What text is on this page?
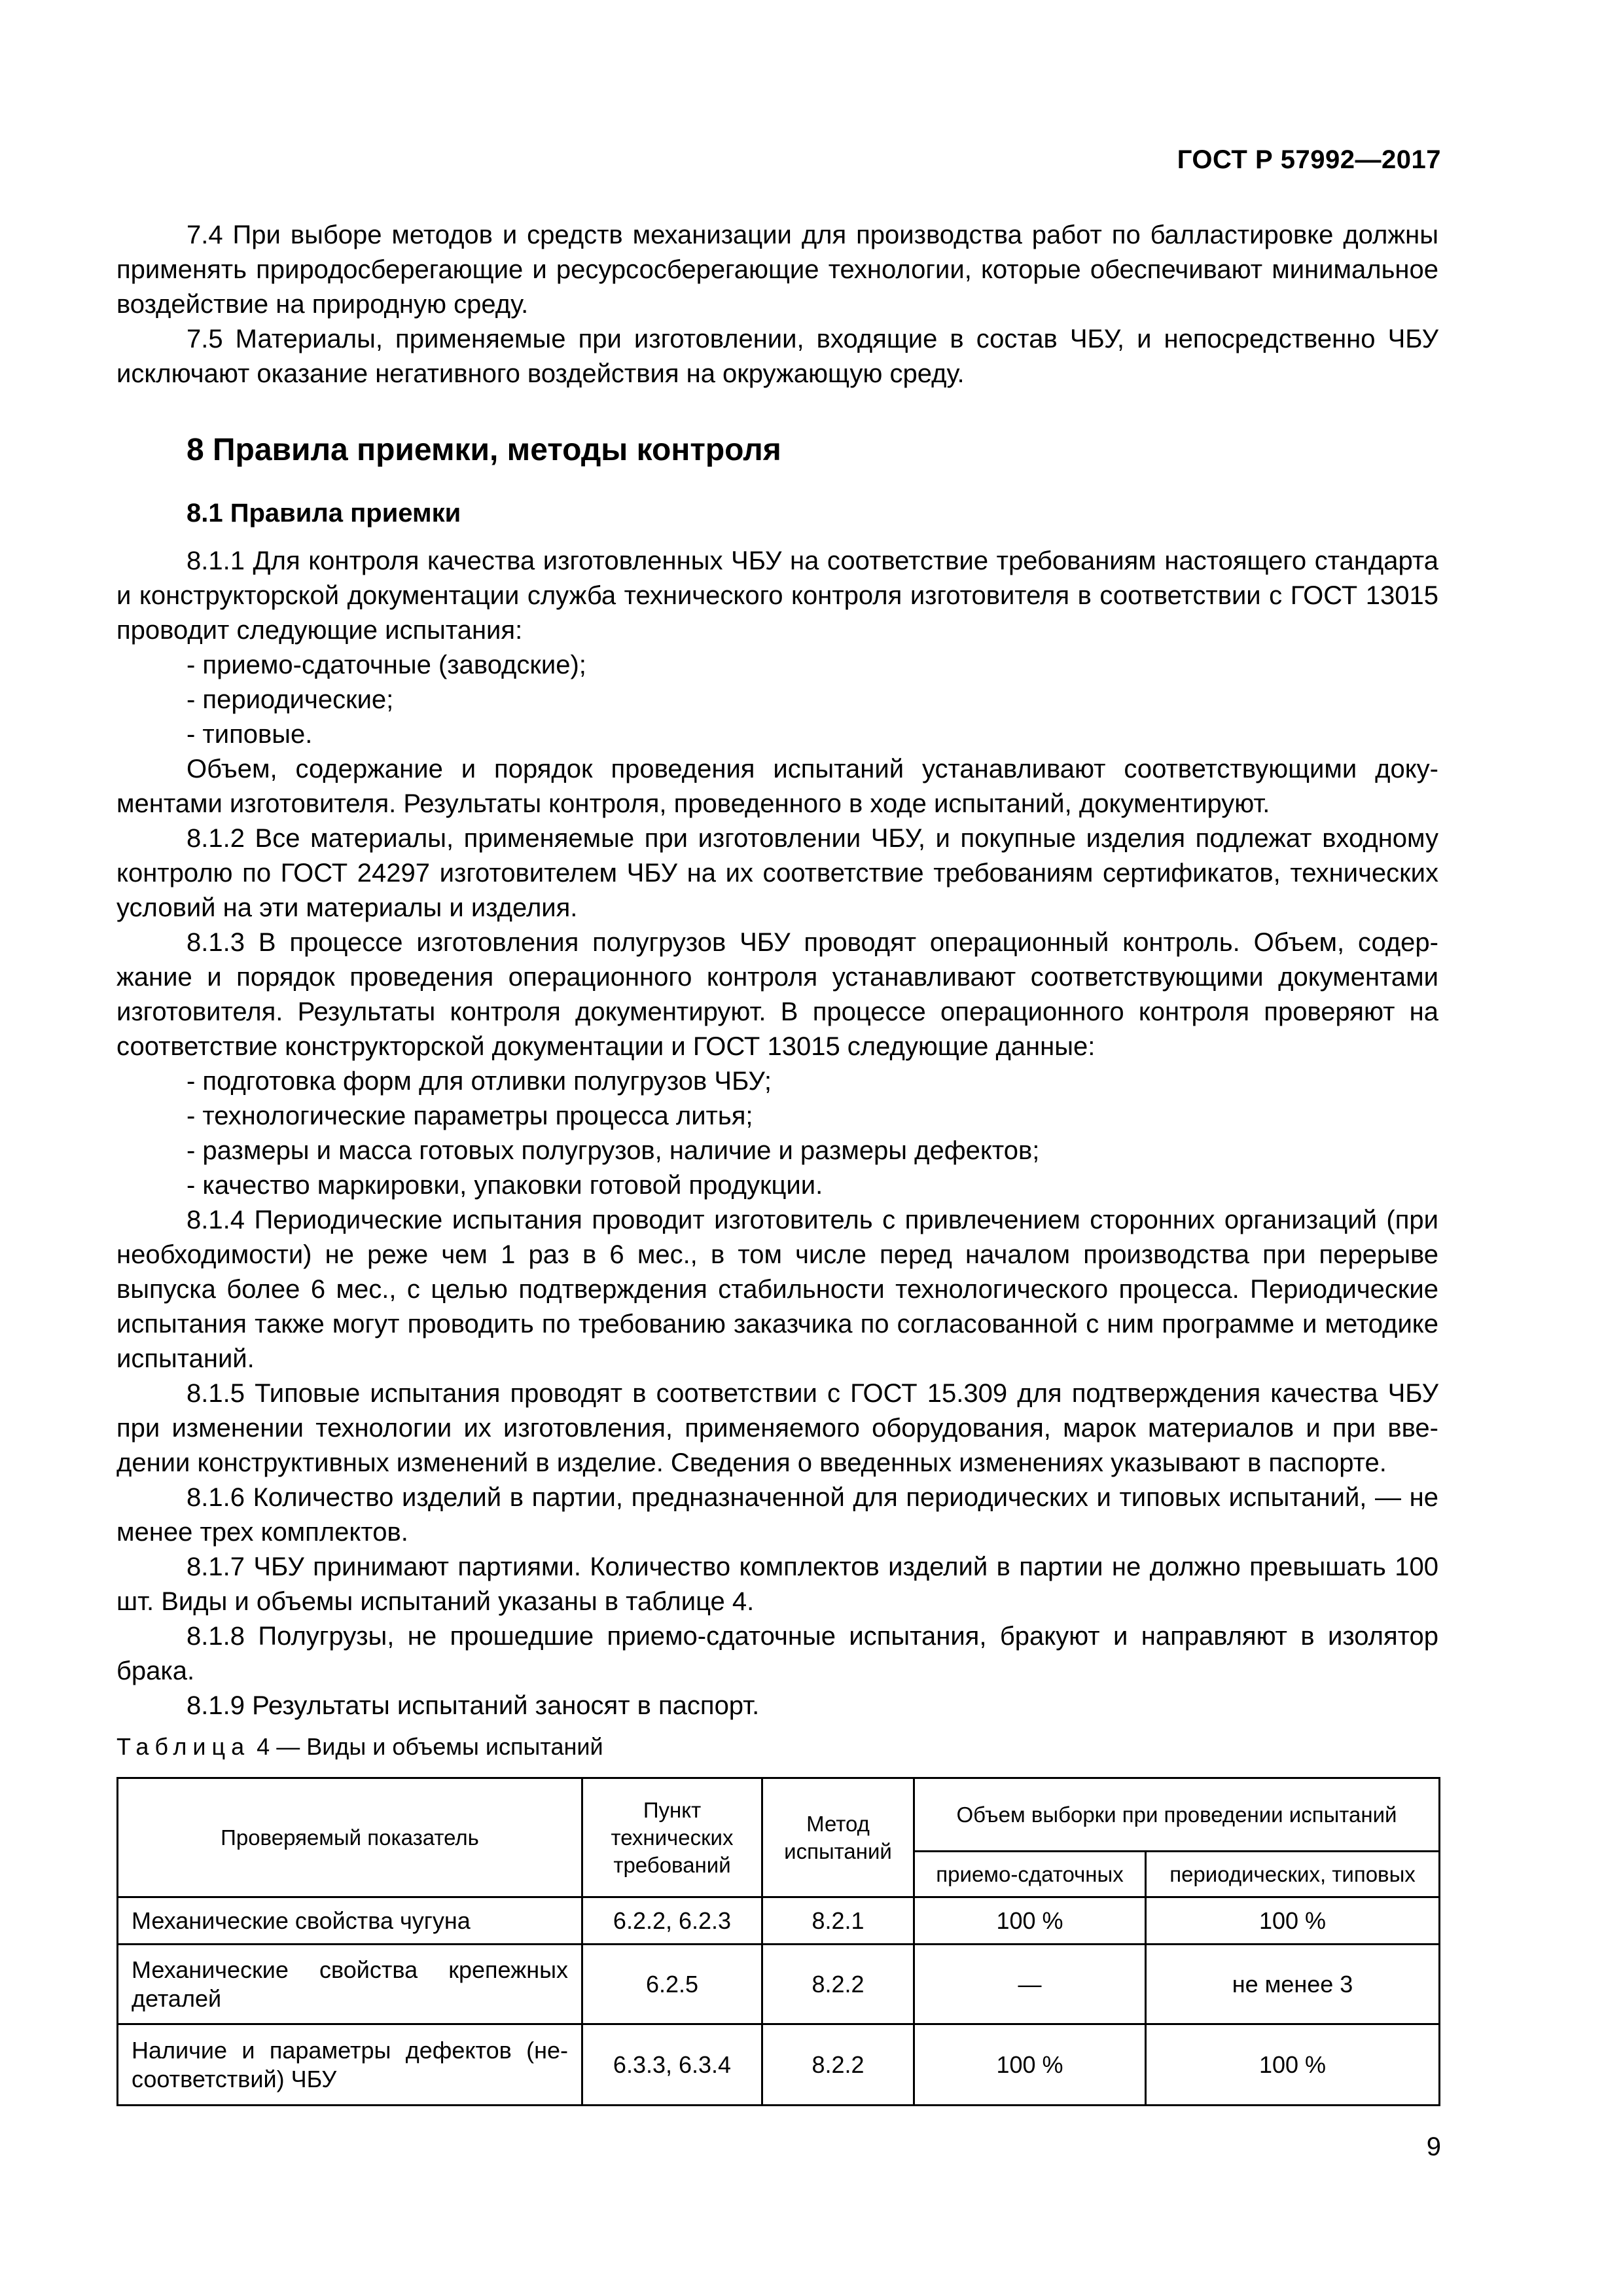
ГОСТ Р 57992—2017

7.4 При выборе методов и средств механизации для производства работ по балластировке должны применять природосберегающие и ресурсосберегающие технологии, которые обеспечивают минимальное воздействие на природную среду.

7.5 Материалы, применяемые при изготовлении, входящие в состав ЧБУ, и непосредственно ЧБУ исключают оказание негативного воздействия на окружающую среду.

8 Правила приемки, методы контроля
8.1 Правила приемки

8.1.1 Для контроля качества изготовленных ЧБУ на соответствие требованиям настоящего стандарта и конструкторской документации служба технического контроля изготовителя в соответствии с ГОСТ 13015 проводит следующие испытания:

- приемо-сдаточные (заводские);

- периодические;

- типовые.

Объем, содержание и порядок проведения испытаний устанавливают соответствующими документами изготовителя. Результаты контроля, проведенного в ходе испытаний, документируют.

8.1.2 Все материалы, применяемые при изготовлении ЧБУ, и покупные изделия подлежат входному контролю по ГОСТ 24297 изготовителем ЧБУ на их соответствие требованиям сертификатов, технических условий на эти материалы и изделия.

8.1.3 В процессе изготовления полугрузов ЧБУ проводят операционный контроль. Объем, содержание и порядок проведения операционного контроля устанавливают соответствующими документами изготовителя. Результаты контроля документируют. В процессе операционного контроля проверяют на соответствие конструкторской документации и ГОСТ 13015 следующие данные:

- подготовка форм для отливки полугрузов ЧБУ;

- технологические параметры процесса литья;

- размеры и масса готовых полугрузов, наличие и размеры дефектов;

- качество маркировки, упаковки готовой продукции.

8.1.4 Периодические испытания проводит изготовитель с привлечением сторонних организаций (при необходимости) не реже чем 1 раз в 6 мес., в том числе перед началом производства при перерыве выпуска более 6 мес., с целью подтверждения стабильности технологического процесса. Периодические испытания также могут проводить по требованию заказчика по согласованной с ним программе и методике испытаний.

8.1.5 Типовые испытания проводят в соответствии с ГОСТ 15.309 для подтверждения качества ЧБУ при изменении технологии их изготовления, применяемого оборудования, марок материалов и при введении конструктивных изменений в изделие. Сведения о введенных изменениях указывают в паспорте.

8.1.6 Количество изделий в партии, предназначенной для периодических и типовых испытаний, — не менее трех комплектов.

8.1.7 ЧБУ принимают партиями. Количество комплектов изделий в партии не должно превышать 100 шт. Виды и объемы испытаний указаны в таблице 4.

8.1.8 Полугрузы, не прошедшие приемо-сдаточные испытания, бракуют и направляют в изолятор брака.

8.1.9 Результаты испытаний заносят в паспорт.

Таблица 4 — Виды и объемы испытаний
Проверяемый показатель	Пункт технических требований	Метод испытаний	Объем выборки при проведении испытаний	
			приемо-сдаточных	периодических, типовых
Механические свойства чугуна	6.2.2, 6.2.3	8.2.1	100 %	100 %
Механические свойства крепежных деталей	6.2.5	8.2.2	—	не менее 3
Наличие и параметры дефектов (несоответствий) ЧБУ	6.3.3, 6.3.4	8.2.2	100 %	100 %
9
